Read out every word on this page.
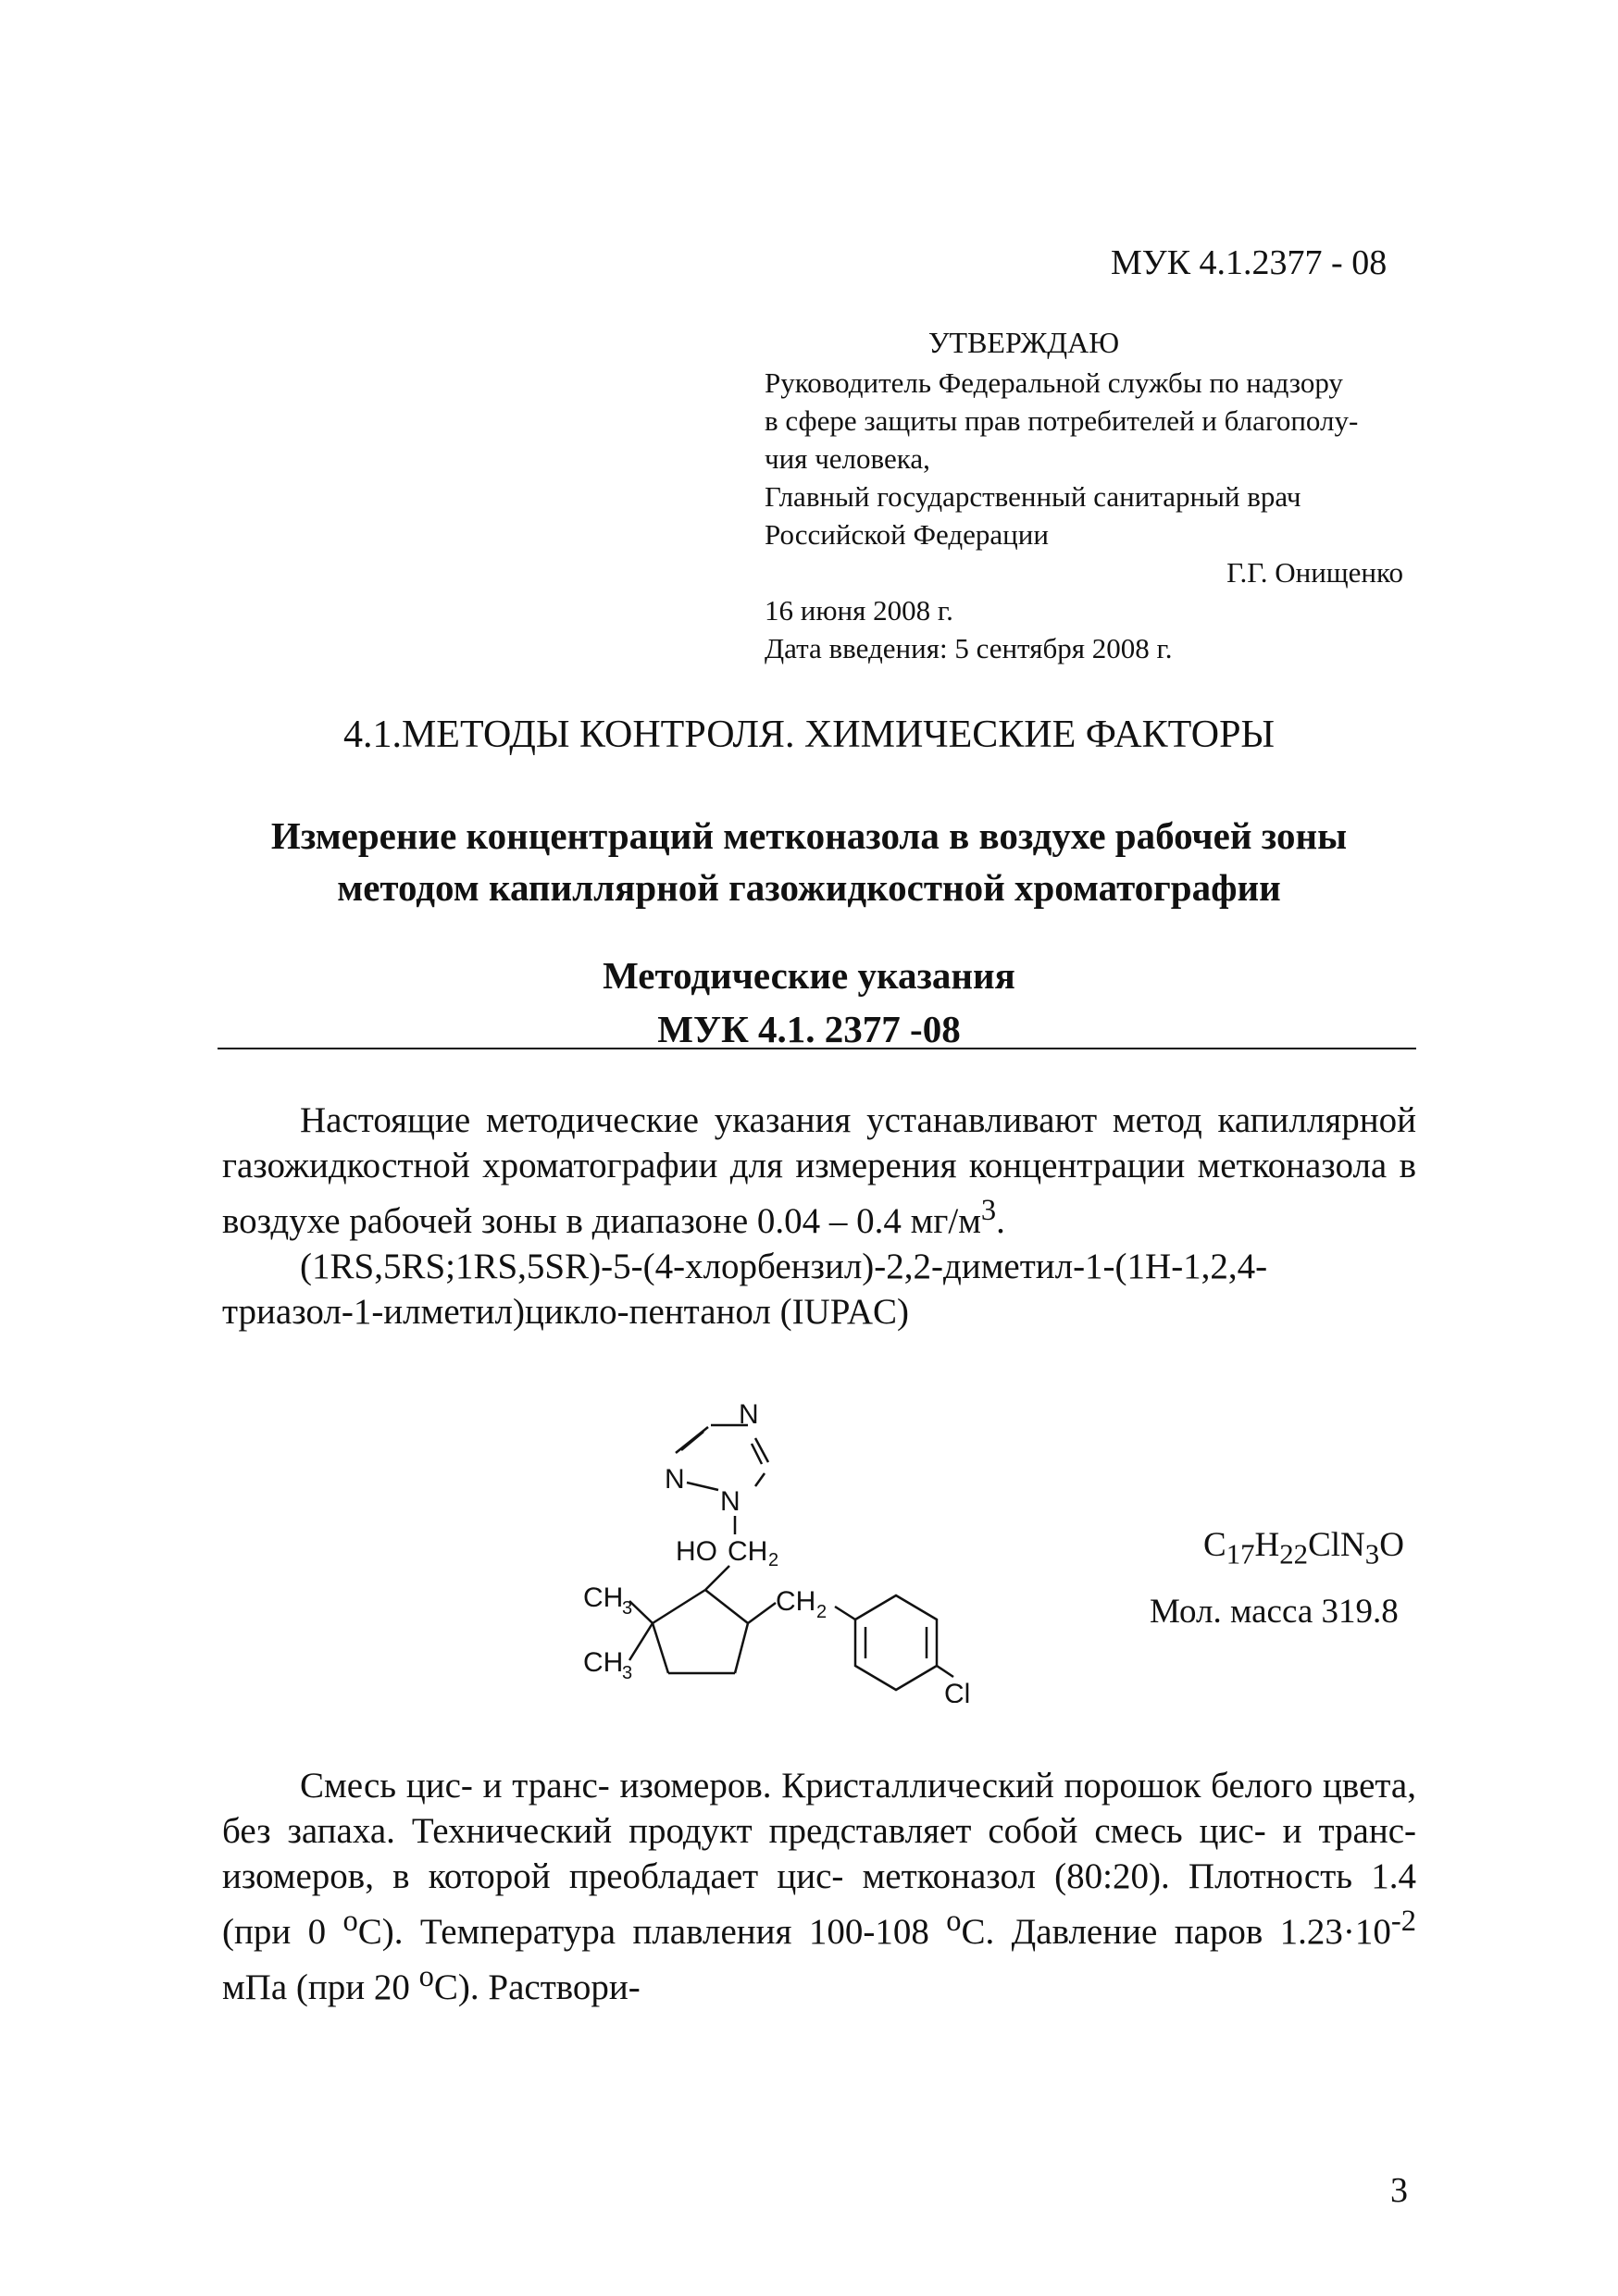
МУК 4.1.2377 - 08
УТВЕРЖДАЮ
Руководитель Федеральной службы по надзору
в сфере защиты прав потребителей и благополу-
чия человека,
Главный государственный санитарный врач
Российской Федерации
Г.Г. Онищенко
16 июня 2008 г.
Дата введения: 5 сентября 2008 г.
4.1.МЕТОДЫ КОНТРОЛЯ. ХИМИЧЕСКИЕ ФАКТОРЫ
Измерение концентраций метконазола в воздухе рабочей зоны
методом капиллярной газожидкостной хроматографии
Методические указания
МУК 4.1. 2377 -08
Настоящие методические указания устанавливают метод капиллярной газожидкостной хроматографии для измерения концентрации метконазола в воздухе рабочей зоны в диапазоне 0.04 – 0.4 $мг/м^3$.
(1RS,5RS;1RS,5SR)-5-(4-хлорбензил)-2,2-диметил-1-(1H-1,2,4-триазол-1-илметил)цикло-пентанол (IUPAC)
N
N
N
HO CH 2
CH
3
CH
3
CH 2
Cl
$C_{17}H_{22}ClN_3O$
Мол. масса 319.8
Смесь цис- и транс- изомеров. Кристаллический порошок белого цвета, без запаха. Технический продукт представляет собой смесь цис- и транс- изомеров, в которой преобладает цис- метконазол (80:20). Плотность 1.4 (при 0 $^o$С). Температура плавления 100-108 $^o$С. Давление паров $1.23\cdot 10^{-2}$ мПа (при 20 $^o$С). Раствори-
3
